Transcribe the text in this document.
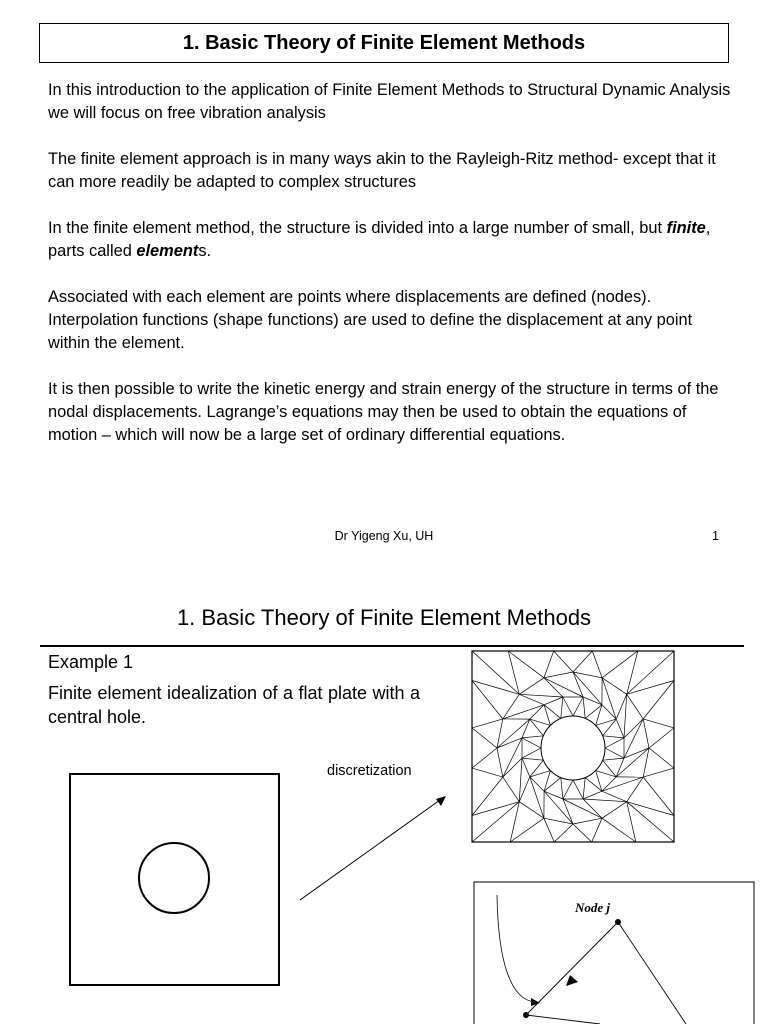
1. Basic Theory of Finite Element Methods

In this introduction to the application of Finite Element Methods to Structural Dynamic Analysis we will focus on free vibration analysis

The finite element approach is in many ways akin to the Rayleigh-Ritz method- except that it can more readily be adapted to complex structures

In the finite element method, the structure is divided into a large number of small, but finite, parts called elements.

Associated with each element are points where displacements are defined (nodes). Interpolation functions (shape functions) are used to define the displacement at any point within the element.

It is then possible to write the kinetic energy and strain energy of the structure in terms of the nodal displacements. Lagrange’s equations may then be used to obtain the equations of motion – which will now be a large set of ordinary differential equations.

Dr Yigeng Xu, UH	1
1. Basic Theory of Finite Element Methods
Example 1
Finite element idealization of a flat plate with a central hole.
discretization
Node j
